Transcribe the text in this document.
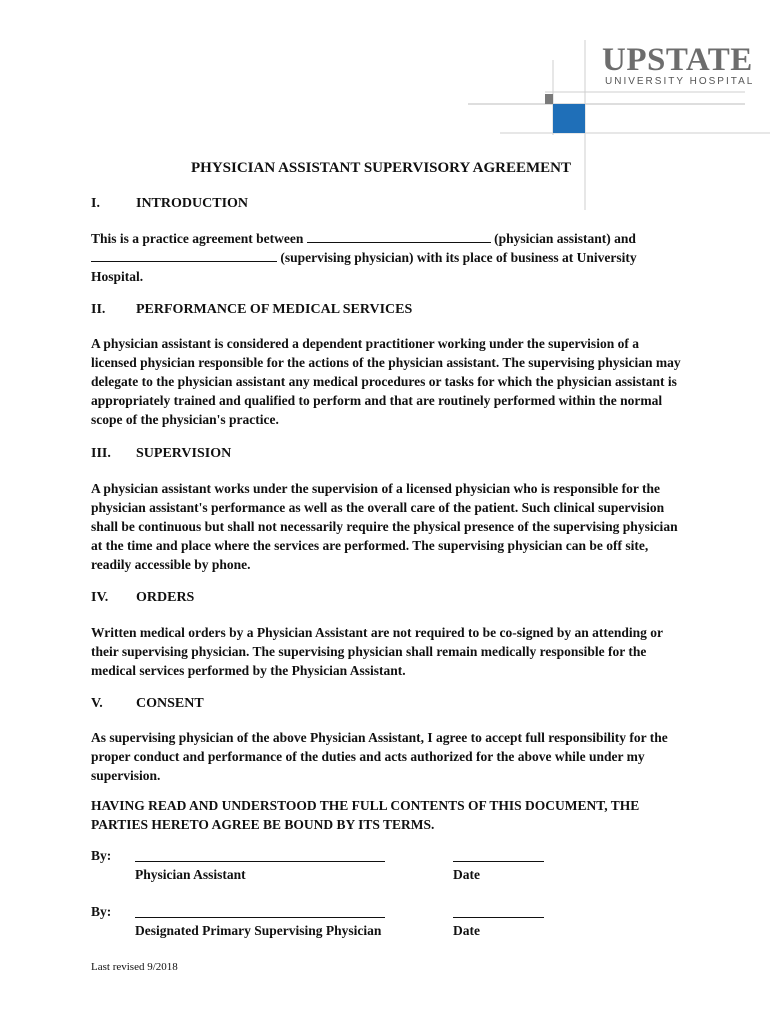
UPSTATE
UNIVERSITY HOSPITAL
PHYSICIAN ASSISTANT SUPERVISORY AGREEMENT
I.	INTRODUCTION
This is a practice agreement between	(physician assistant) and  (supervising physician) with its place of business at University Hospital.
II.	PERFORMANCE OF MEDICAL SERVICES
A physician assistant is considered a dependent practitioner working under the supervision of a licensed physician responsible for the actions of the physician assistant. The supervising physician may delegate to the physician assistant any medical procedures or tasks for which the physician assistant is appropriately trained and qualified to perform and that are routinely performed within the normal scope of the physician's practice.
III.	SUPERVISION
A physician assistant works under the supervision of a licensed physician who is responsible for the physician assistant's performance as well as the overall care of the patient. Such clinical supervision shall be continuous but shall not necessarily require the physical presence of the supervising physician at the time and place where the services are performed. The supervising physician can be off site, readily accessible by phone.
IV.	ORDERS
Written medical orders by a Physician Assistant are not required to be co-signed by an attending or their supervising physician. The supervising physician shall remain medically responsible for the medical services performed by the Physician Assistant.
V.	CONSENT
As supervising physician of the above Physician Assistant, I agree to accept full responsibility for the proper conduct and performance of the duties and acts authorized for the above while under my supervision.
HAVING READ AND UNDERSTOOD THE FULL CONTENTS OF THIS DOCUMENT, THE PARTIES HERETO AGREE BE BOUND BY ITS TERMS.
By:
Physician Assistant	Date
By:
Designated Primary Supervising Physician	Date
Last revised 9/2018
